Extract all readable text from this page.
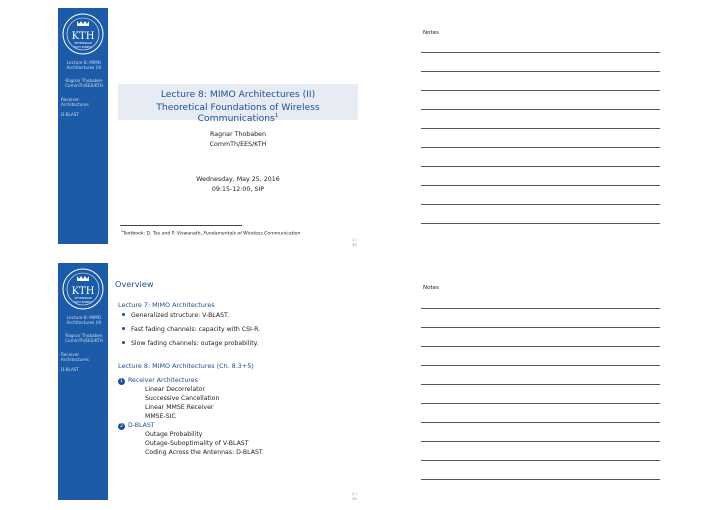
KTH
VETENSKAP
OCH KONST
Lecture 8: MIMO Architectures (II)
Ragnar Thobaben CommTh/EES/KTH
Receiver Architectures
D-BLAST
Lecture 8: MIMO Architectures (II)
Theoretical Foundations of Wireless Communications$^1$
Ragnar Thobaben
CommTh/EES/KTH
Wednesday, May 25, 2016
09:15-12:00, SIP
$^1$Textbook: D. Tse and P. Viswanath, Fundamentals of Wireless Communication
1 / 30
Notes
KTH
VETENSKAP
OCH KONST
Lecture 8: MIMO Architectures (II)
Ragnar Thobaben CommTh/EES/KTH
Receiver Architectures
D-BLAST
Overview
Lecture 7: MIMO Architectures
Generalized structure: V-BLAST.
Fast fading channels: capacity with CSI-R.
Slow fading channels: outage probability.
Lecture 8: MIMO Architectures (Ch. 8.3+5)
1 Receiver Architectures
Linear Decorrelator
Successive Cancellation
Linear MMSE Receiver
MMSE-SIC
2 D-BLAST
Outage Probability
Outage-Suboptimality of V-BLAST
Coding Across the Antennas: D-BLAST
2 / 30
Notes
